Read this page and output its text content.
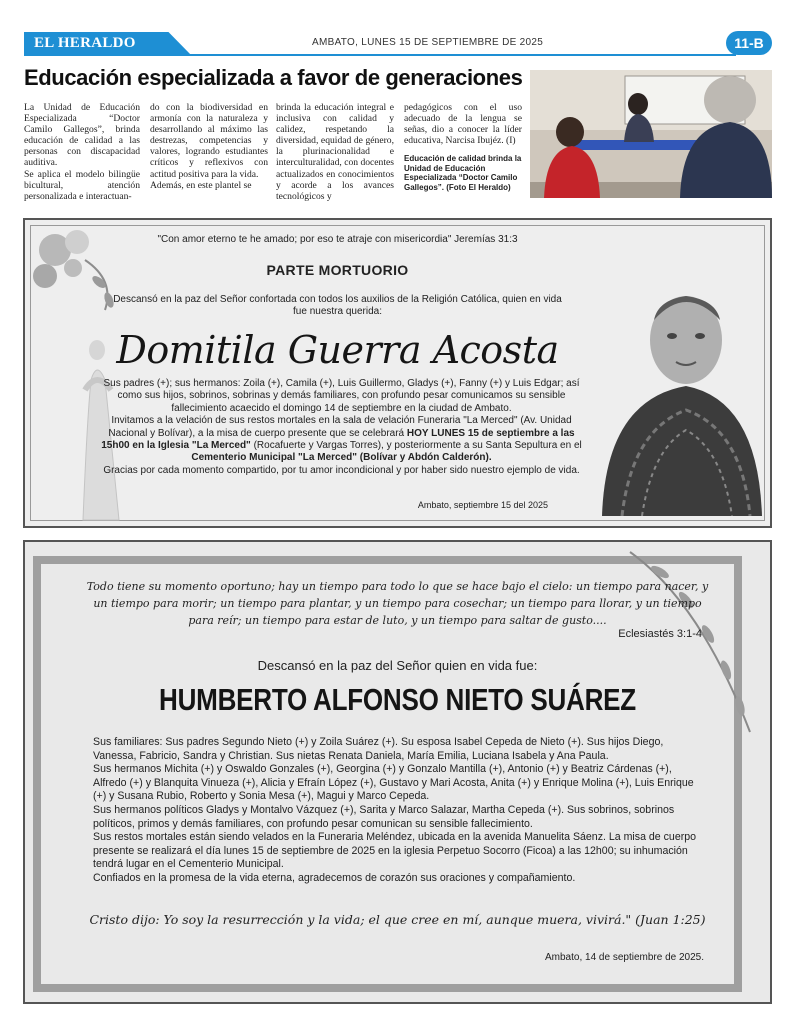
EL HERALDO	AMBATO, LUNES 15 DE SEPTIEMBRE DE 2025	11-B
Educación especializada a favor de generaciones

La Unidad de Educación Especializada “Doctor Camilo Gallegos”, brinda educación de calidad a las personas con discapacidad auditiva.

Se aplica el modelo bilingüe bicultural, atención personalizada e interactuan-

do con la biodiversidad en armonía con la naturaleza y desarrollando al máximo las destrezas, competencias y valores, logrando estudiantes críticos y reflexivos con actitud positiva para la vida.

Además, en este plantel se

brinda la educación integral e inclusiva con calidad y calidez, respetando la diversidad, equidad de género, la plurinacionalidad e interculturalidad, con docentes actualizados en conocimientos y acorde a los avances tecnológicos y

pedagógicos con el uso adecuado de la lengua se señas, dio a conocer la líder educativa, Narcisa Ibujéz. (I)

Educación de calidad brinda la Unidad de Educación Especializada “Doctor Camilo Gallegos”. (Foto El Heraldo)
"Con amor eterno te he amado; por eso te atraje con misericordia" Jeremías 31:3
PARTE MORTUORIO
Descansó en la paz del Señor confortada con todos los auxilios de la Religión Católica, quien en vida fue nuestra querida:
Domitila Guerra Acosta
Sus padres (+); sus hermanos: Zoila (+), Camila (+), Luis Guillermo, Gladys (+), Fanny (+) y Luis Edgar; así como sus hijos, sobrinos, sobrinas y demás familiares, con profundo pesar comunicamos su sensible fallecimiento acaecido el domingo 14 de septiembre en la ciudad de Ambato.
Invitamos a la velación de sus restos mortales en la sala de velación Funeraria "La Merced" (Av. Unidad Nacional y Bolívar), a la misa de cuerpo presente que se celebrará HOY LUNES 15 de septiembre a las 15h00 en la Iglesia "La Merced" (Rocafuerte y Vargas Torres), y posteriormente a su Santa Sepultura en el Cementerio Municipal "La Merced" (Bolívar y Abdón Calderón).
Gracias por cada momento compartido, por tu amor incondicional y por haber sido nuestro ejemplo de vida.
Ambato, septiembre 15 del 2025
Todo tiene su momento oportuno; hay un tiempo para todo lo que se hace bajo el cielo: un tiempo para nacer, y un tiempo para morir; un tiempo para plantar, y un tiempo para cosechar; un tiempo para llorar, y un tiempo para reír; un tiempo para estar de luto, y un tiempo para saltar de gusto....
Eclesiastés 3:1-4
Descansó en la paz del Señor quien en vida fue:
HUMBERTO ALFONSO NIETO SUÁREZ

Sus familiares: Sus padres Segundo Nieto (+) y Zoila Suárez (+). Su esposa Isabel Cepeda de Nieto (+). Sus hijos Diego, Vanessa, Fabricio, Sandra y Christian. Sus nietas Renata Daniela, María Emilia, Luciana Isabela y Ana Paula.

Sus hermanos Michita (+) y Oswaldo Gonzales (+), Georgina (+) y Gonzalo Mantilla (+), Antonio (+) y Beatriz Cárdenas (+), Alfredo (+) y Blanquita Vinueza (+), Alicia y Efraín López (+), Gustavo y Mari Acosta, Anita (+) y Enrique Molina (+), Luis Enrique (+) y Susana Rubio, Roberto y Sonia Mesa (+), Magui y Marco Cepeda.

Sus hermanos políticos Gladys y Montalvo Vázquez (+), Sarita y Marco Salazar, Martha Cepeda (+). Sus sobrinos, sobrinos políticos, primos y demás familiares, con profundo pesar comunican su sensible fallecimiento.

Sus restos mortales están siendo velados en la Funeraria Meléndez, ubicada en la avenida Manuelita Sáenz. La misa de cuerpo presente se realizará el día lunes 15 de septiembre de 2025 en la iglesia Perpetuo Socorro (Ficoa) a las 12h00; su inhumación tendrá lugar en el Cementerio Municipal.

Confiados en la promesa de la vida eterna, agradecemos de corazón sus oraciones y compañamiento.

Cristo dijo: Yo soy la resurrección y la vida; el que cree en mí, aunque muera, vivirá." (Juan 1:25)
Ambato, 14 de septiembre de 2025.
